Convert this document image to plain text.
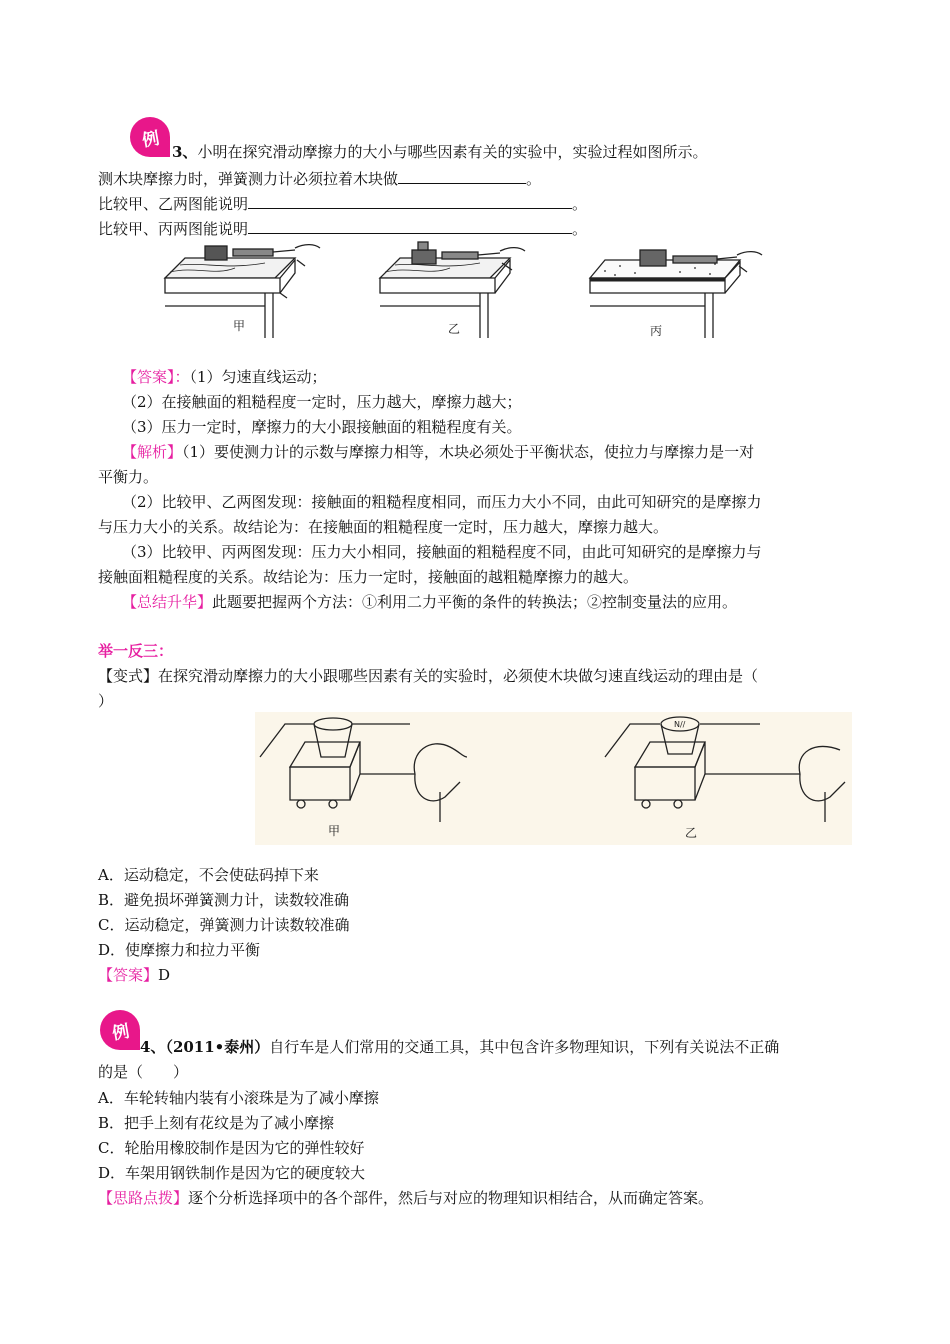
例
3、小明在探究滑动摩擦力的大小与哪些因素有关的实验中，实验过程如图所示。
测木块摩擦力时，弹簧测力计必须拉着木块做	。
比较甲、乙两图能说明	。
比较甲、丙两图能说明	。
甲	乙	丙
【答案】：（1）匀速直线运动；
（2）在接触面的粗糙程度一定时，压力越大，摩擦力越大；
（3）压力一定时，摩擦力的大小跟接触面的粗糙程度有关。
【解析】（1）要使测力计的示数与摩擦力相等，木块必须处于平衡状态，使拉力与摩擦力是一对
平衡力。
（2）比较甲、乙两图发现：接触面的粗糙程度相同，而压力大小不同，由此可知研究的是摩擦力
与压力大小的关系。故结论为：在接触面的粗糙程度一定时，压力越大，摩擦力越大。
（3）比较甲、丙两图发现：压力大小相同，接触面的粗糙程度不同，由此可知研究的是摩擦力与
接触面粗糙程度的关系。故结论为：压力一定时，接触面的越粗糙摩擦力的越大。
【总结升华】此题要把握两个方法：①利用二力平衡的条件的转换法；②控制变量法的应用。
举一反三：
【变式】在探究滑动摩擦力的大小跟哪些因素有关的实验时，必须使木块做匀速直线运动的理由是（
）
N//
甲	乙
A．运动稳定，不会使砝码掉下来
B．避免损坏弹簧测力计，读数较准确
C．运动稳定，弹簧测力计读数较准确
D．使摩擦力和拉力平衡
【答案】D
例
4、（2011•泰州）自行车是人们常用的交通工具，其中包含许多物理知识，下列有关说法不正确
的是（　　）
A．车轮转轴内装有小滚珠是为了减小摩擦
B．把手上刻有花纹是为了减小摩擦
C．轮胎用橡胶制作是因为它的弹性较好
D．车架用钢铁制作是因为它的硬度较大
【思路点拨】逐个分析选择项中的各个部件，然后与对应的物理知识相结合，从而确定答案。
